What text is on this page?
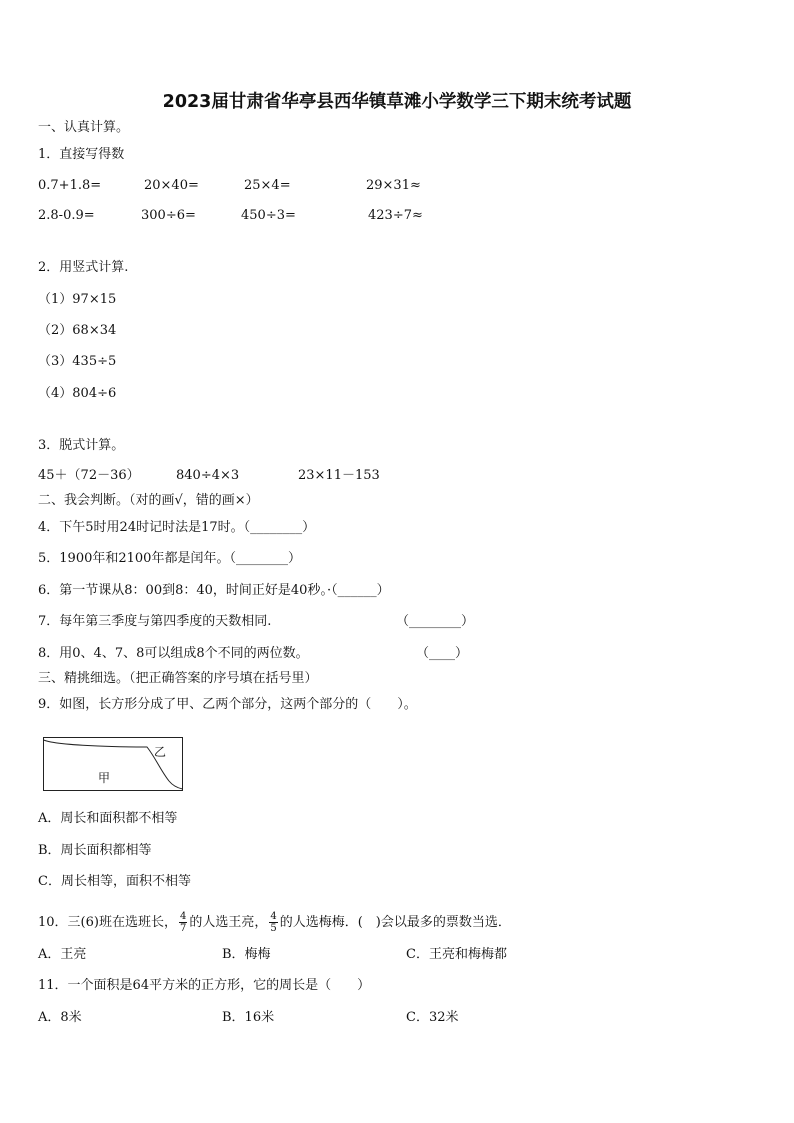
2023届甘肃省华亭县西华镇草滩小学数学三下期末统考试题
一、认真计算。
1．直接写得数
0.7+1.8=	20×40=	25×4=	29×31≈
2.8-0.9=	300÷6=	450÷3=	423÷7≈
2．用竖式计算.
（1）97×15
（2）68×34
（3）435÷5
（4）804÷6
3．脱式计算。
45＋（72－36）	840÷4×3	23×11－153
二、我会判断。（对的画√，错的画×）
4．下午5时用24时记时法是17时。（________）
5．1900年和2100年都是闰年。（________）
6．第一节课从8：00到8：40，时间正好是40秒。·（______）
7．每年第三季度与第四季度的天数相同.	（________）
8．用0、4、7、8可以组成8个不同的两位数。	（____）
三、精挑细选。（把正确答案的序号填在括号里）
9．如图，长方形分成了甲、乙两个部分，这两个部分的（　　）。
乙
甲
A．周长和面积都不相等
B．周长面积都相等
C．周长相等，面积不相等
10．三(6)班在选班长， $\frac{4}{7}$ 的人选王亮， $\frac{4}{5}$ 的人选梅梅．(　)会以最多的票数当选．
A．王亮	B．梅梅	C．王亮和梅梅都
11．一个面积是64平方米的正方形，它的周长是（　　）
A．8米	B．16米	C．32米
